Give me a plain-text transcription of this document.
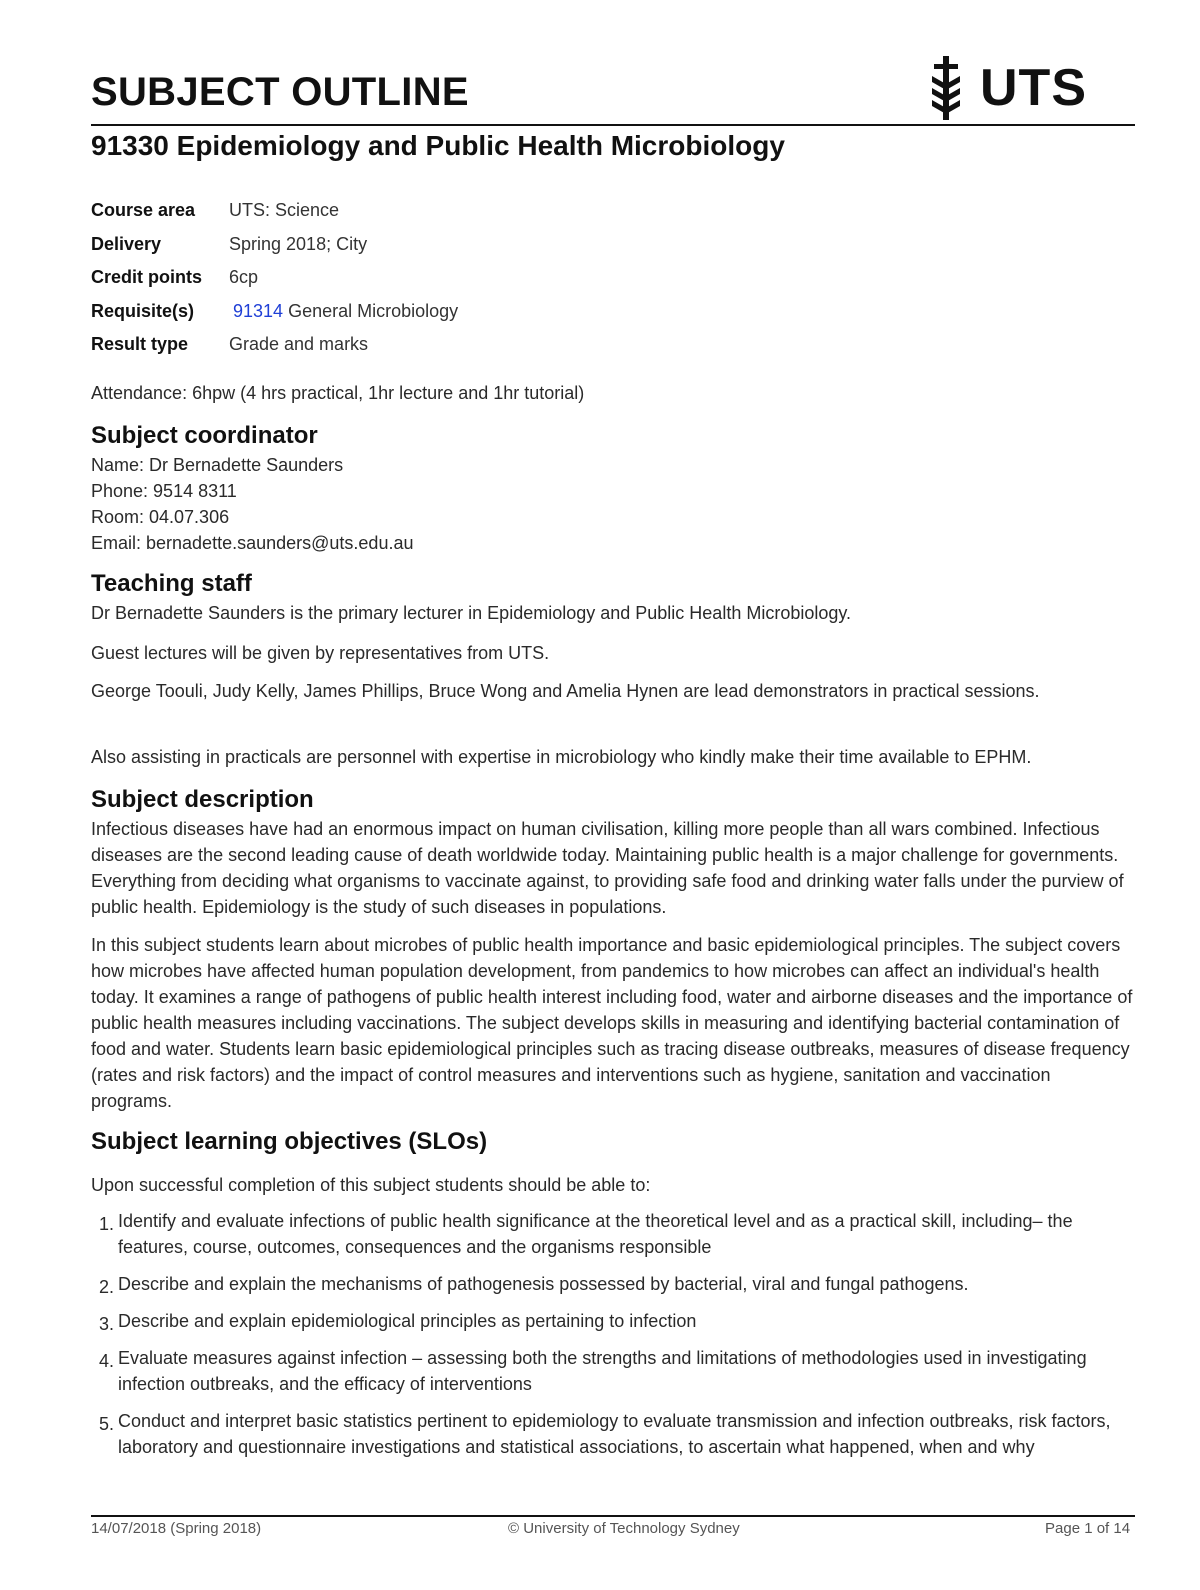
SUBJECT OUTLINE	UTS
91330 Epidemiology and Public Health Microbiology
Course area	UTS: Science
Delivery	Spring 2018; City
Credit points	6cp
Requisite(s)	91314 General Microbiology
Result type	Grade and marks

Attendance: 6hpw (4 hrs practical, 1hr lecture and 1hr tutorial)

Subject coordinator
Name: Dr Bernadette Saunders
Phone: 9514 8311
Room: 04.07.306
Email: bernadette.saunders@uts.edu.au
Teaching staff

Dr Bernadette Saunders is the primary lecturer in Epidemiology and Public Health Microbiology.

Guest lectures will be given by representatives from UTS.

George Toouli, Judy Kelly, James Phillips, Bruce Wong and Amelia Hynen are lead demonstrators in practical sessions.

Also assisting in practicals are personnel with expertise in microbiology who kindly make their time available to EPHM.

Subject description

Infectious diseases have had an enormous impact on human civilisation, killing more people than all wars combined. Infectious diseases are the second leading cause of death worldwide today. Maintaining public health is a major challenge for governments. Everything from deciding what organisms to vaccinate against, to providing safe food and drinking water falls under the purview of public health. Epidemiology is the study of such diseases in populations.

In this subject students learn about microbes of public health importance and basic epidemiological principles. The subject covers how microbes have affected human population development, from pandemics to how microbes can affect an individual's health today. It examines a range of pathogens of public health interest including food, water and airborne diseases and the importance of public health measures including vaccinations. The subject develops skills in measuring and identifying bacterial contamination of food and water. Students learn basic epidemiological principles such as tracing disease outbreaks, measures of disease frequency (rates and risk factors) and the impact of control measures and interventions such as hygiene, sanitation and vaccination programs.

Subject learning objectives (SLOs)

Upon successful completion of this subject students should be able to:

1. Identify and evaluate infections of public health significance at the theoretical level and as a practical skill, including– the features, course, outcomes, consequences and the organisms responsible
2. Describe and explain the mechanisms of pathogenesis possessed by bacterial, viral and fungal pathogens.
3. Describe and explain epidemiological principles as pertaining to infection
4. Evaluate measures against infection – assessing both the strengths and limitations of methodologies used in investigating infection outbreaks, and the efficacy of interventions
5. Conduct and interpret basic statistics pertinent to epidemiology to evaluate transmission and infection outbreaks, risk factors, laboratory and questionnaire investigations and statistical associations, to ascertain what happened, when and why
14/07/2018 (Spring 2018)	© University of Technology Sydney	Page 1 of 14
